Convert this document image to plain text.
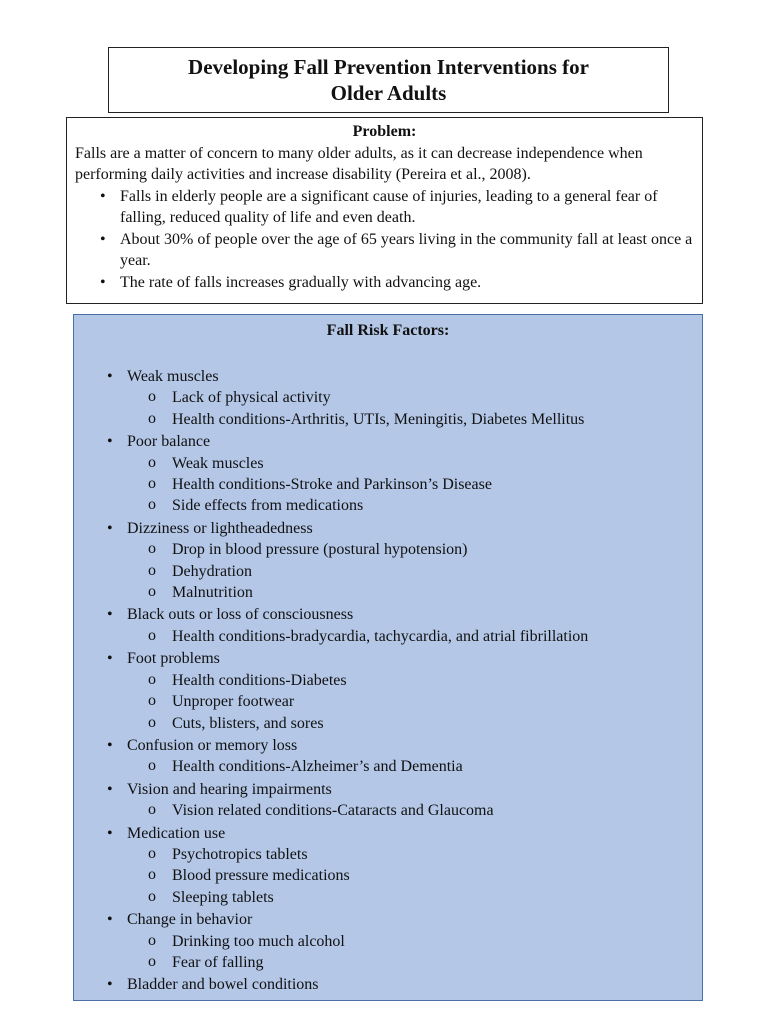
Developing Fall Prevention Interventions for
Older Adults
Problem:

Falls are a matter of concern to many older adults, as it can decrease independence when performing daily activities and increase disability (Pereira et al., 2008).

• Falls in elderly people are a significant cause of injuries, leading to a general fear of falling, reduced quality of life and even death.
• About 30% of people over the age of 65 years living in the community fall at least once a year.
• The rate of falls increases gradually with advancing age.
Fall Risk Factors:
• Weak muscles
o Lack of physical activity
o Health conditions-Arthritis, UTIs, Meningitis, Diabetes Mellitus
• Poor balance
o Weak muscles
o Health conditions-Stroke and Parkinson’s Disease
o Side effects from medications
• Dizziness or lightheadedness
o Drop in blood pressure (postural hypotension)
o Dehydration
o Malnutrition
• Black outs or loss of consciousness
o Health conditions-bradycardia, tachycardia, and atrial fibrillation
• Foot problems
o Health conditions-Diabetes
o Unproper footwear
o Cuts, blisters, and sores
• Confusion or memory loss
o Health conditions-Alzheimer’s and Dementia
• Vision and hearing impairments
o Vision related conditions-Cataracts and Glaucoma
• Medication use
o Psychotropics tablets
o Blood pressure medications
o Sleeping tablets
• Change in behavior
o Drinking too much alcohol
o Fear of falling
• Bladder and bowel conditions
